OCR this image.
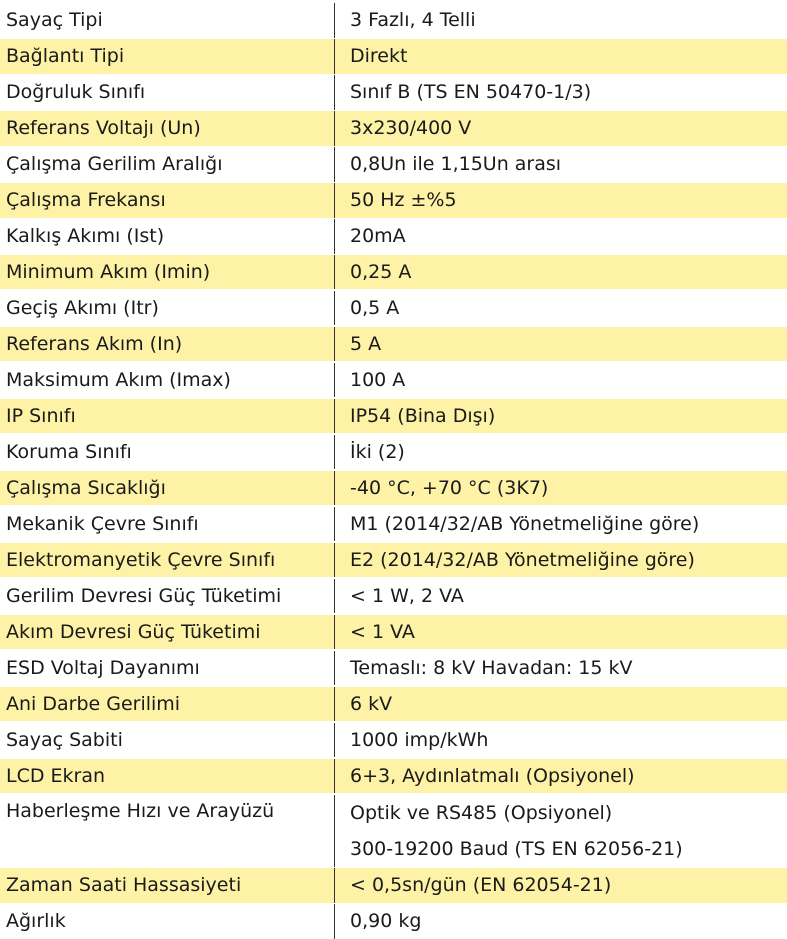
Sayaç Tipi	3 Fazlı, 4 Telli
Bağlantı Tipi	Direkt
Doğruluk Sınıfı	Sınıf B (TS EN 50470-1/3)
Referans Voltajı (Un)	3x230/400 V
Çalışma Gerilim Aralığı	0,8Un ile 1,15Un arası
Çalışma Frekansı	50 Hz ±%5
Kalkış Akımı (Ist)	20mA
Minimum Akım (Imin)	0,25 A
Geçiş Akımı (Itr)	0,5 A
Referans Akım (In)	5 A
Maksimum Akım (Imax)	100 A
IP Sınıfı	IP54 (Bina Dışı)
Koruma Sınıfı	İki (2)
Çalışma Sıcaklığı	-40 °C, +70 °C (3K7)
Mekanik Çevre Sınıfı	M1 (2014/32/AB Yönetmeliğine göre)
Elektromanyetik Çevre Sınıfı	E2 (2014/32/AB Yönetmeliğine göre)
Gerilim Devresi Güç Tüketimi	< 1 W, 2 VA
Akım Devresi Güç Tüketimi	< 1 VA
ESD Voltaj Dayanımı	Temaslı: 8 kV Havadan: 15 kV
Ani Darbe Gerilimi	6 kV
Sayaç Sabiti	1000 imp/kWh
LCD Ekran	6+3, Aydınlatmalı (Opsiyonel)
Haberleşme Hızı ve Arayüzü	Optik ve RS485 (Opsiyonel)
300-19200 Baud (TS EN 62056-21)
Zaman Saati Hassasiyeti	< 0,5sn/gün (EN 62054-21)
Ağırlık	0,90 kg
